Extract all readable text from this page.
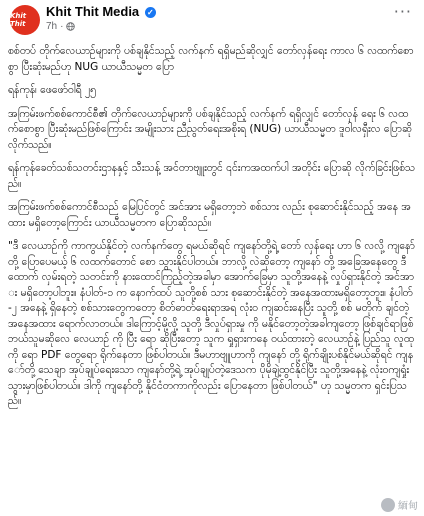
Khit Thit
Khit Thit Media ✓
7h ·
···

စစ်တပ် တိုက်လေယာဉ်များကို ပစ်ချနိုင်သည့် လက်နက် ရရှိမည်ဆိုလျှင် တော်လှန်ရေး ကာလ ၆ လထက်စောစွာ ပြီးဆုံးမည်ဟု NUG ယာယီသမ္မတ ပြော

ရန်ကုန်၊ ဖေဖော်ဝါရီ ၂၅

အကြမ်းဖက်စစ်ကောင်စီ၏ တိုက်လေယာဉ်များကို ပစ်ချနိုင်သည့် လက်နက် ရရှိလျှင် တော်လှန် ရေး ၆ လထက်စောစွာ ပြီးဆုံးမည်ဖြစ်ကြောင်း အမျိုးသား ညီညွတ်ရေးအစိုးရ (NUG) ယာယီသမ္မတ ဒူဝါလရှီးလ ပြောဆိုလိုက်သည်။

ရန်ကုန်ခေတ်သစ်သတင်းဌာနနှင့် သီးသန့် အင်တာဗျူးတွင် ၎င်းကအထက်ပါ အတိုင်း ပြောဆို လိုက်ခြင်းဖြစ်သည်။

အကြမ်းဖက်စစ်ကောင်စီသည် မြေပြင်တွင် အင်အား မရှိတော့ဘဲ စစ်သား လည်း စုဆောင်းနိုင်သည့် အနေ အထား မရှိတော့ကြောင်း ယာယီသမ္မတက ပြောဆိုသည်။

"ဒီ လေယာဉ်ကို ကာကွယ်နိုင်တဲ့ လက်နက်တွေ ရမယ်ဆိုရင် ကျနော်တို့ရဲ့ တော် လှန်ရေး ဟာ ၆ လလို့ ကျနော်တို့ ပြောပေမယ့် ၆ လထက်တောင် စော သွားနိုင်ပါတယ်။ ဘာလို့ လဲဆိုတော့ ကျနော် တို့ အခြေအနေတွေ ဒီ​ထောက် လှမ်းရတဲ့ သတင်းကို နားထောင်ကြည့်တဲ့အခါမှာ အောက်ခြေမှာ သူတို့အနေနဲ့ လှုပ်ရှားနိုင်တဲ့ အင်အား မရှိတော့ပါဘူး။ နံပါတ်-၁ က နောက်ထပ် သူတို့စစ် သား စုဆောင်းနိုင်တဲ့ အနေအထားမရှိတော့ဘူး။ နံပါတ်-၂ အနေနဲ့ ရှိနေတဲ့ စစ်သားတွေကတော့ စိတ်ဓာတ်ရေးရာအရ လုံးဝ ကျဆင်းနေပြီး သူတို့ စစ် မတိုက် ချင်တဲ့အနေအထား ရောက်လာတယ်။ ဒါကြောင့်မို့လို့ သူတို့ ဒီလှုပ်ရှားမှု ကို မနိုင်တော့တဲ့အခါကျတော့ ဖြစ်ချင်ရာဖြစ် ဘယ်သူမဆိုလေ လေယာဉ် ကို ပြီး ရော ဆိုပြီးတော့ သူက ရှုရှားကနေ ဝယ်ထားတဲ့ လေယာဉ်နဲ့ ပြည်သူ လူထုကို ရော PDF တွေရော ရိုက်နေတာ ဖြစ်ပါတယ်။ ဒီမဟာဗျူဟာကို ကျနော် တို့ ရိုက်ချိုးပစ်နိုင်မယ်ဆိုရင် ကျနော်တို့ သေချာ အုပ်ချုပ်ရေး​သော ကျနော်တို့ရဲ့ အုပ်ချုပ်တဲ့ဒေသက ပိုမိုချဲ့ထွင်နိုင်ပြီး သူတို့အနေနဲ့ လုံးဝကျရှုံး သွားမှာဖြစ်ပါတယ်။ ဒါကို ကျနော်တို့ နိုင်ငံတကာကိုလည်း ပြောနေတာ ဖြစ်ပါတယ်" ဟု သမ္မတက ရှင်းပြသည်။

緬甸
